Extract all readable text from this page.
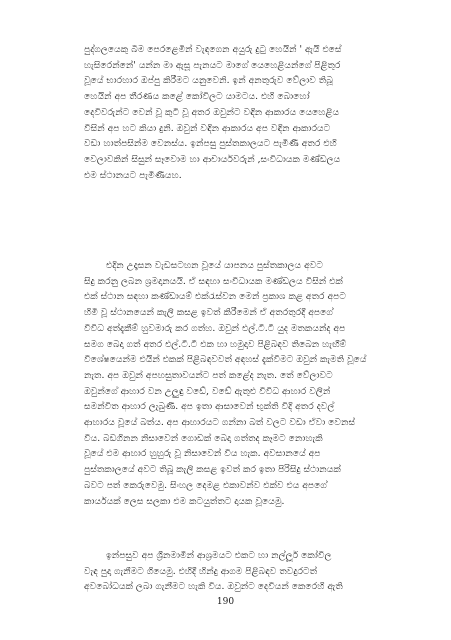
පුද්ගලයෙකු බිම පෙරළෙමින් වැඳගෙන අයුරු දුටු හෙයින් ' ඇයි එසේ
හැසිරෙන්නේ' යන්න මා ඇසූ පැනයට මාගේ යෙහෙළියන්ගේ පිළිතුර
වූයේ භාරහාර ඔප්පු කිරීමට යනුවෙනි. ඉන් අනතුරුව වේලාව තිබූ
හෙයින් අප තීරණය කළේ කෝවිලට යාමටය. එහි බොහෝ
දෙවිවරුන්ට වෙන් වූ කුටි වූ අතර ඔවුන්ට වඳින ආකාරය යෙහෙළිය
විසින් අප හට කියා දුනි. ඔවුන් වඳින ආකාරය අප වඳින ආකාරයට
වඩා හාත්පසින්ම වෙනස්ය. ඉන්පසු පුස්තකාලයට පැමිණි අතර එහි
වෙලාවකින් සිසුන් සෑවොම හා ආචාර්යවරුන් ,සංවිධායක මණ්ඩලය
එම ස්ථානයට පැමිණියහ.
එදින උදෑසන වැඩසටහන වූයේ යාපනය පුස්තකාලය අවට
සිදු කරනු ලබන ශ්‍රමදානයයි. ඒ සඳහා සංවිධායක මණ්ඩලය විසින් එක්
එක් ස්ථාන සඳහා කණ්ඩායම් එක්රැස්වන මෙන් ප්‍රකාශ කළ අතර අපට
හිමි වූ ස්ථානයෙන් කැලි කසළ ඉවත් කිරීමෙන් ඒ අතරතුරදී අපගේ
විවිධ අත්දැකීම් හුවමාරු කර ගත්හ. ඔවුන් එල්.ටී.ටී යුද මතකයන්ද අප
සමග බෙදා ගත් අතර එල්.ටී.ටී එක හා හමුදාව පිළිබඳව තිබෙන හැඟීම්
විශේෂයෙන්ම එයින් එකක් පිළිබඳවවත් අඳහස් දැක්වීමට ඔවුන් කැමති වූයේ
නැත. අප ඔවුන් අපහසුතාවයන්ට පත් කළේද නැත. තේ වේලාවට
ඔවුන්ගේ ආහාර වන උලුඳු වඩේ, වඩේ ඇතුළු විවිධ ආහාර වලින්
සමන්විත ආහාර ලැබුණි. අප ඉතා ආසාවෙන් භුක්ති විදි අතර දවල්
ආහාරය වූයේ බත්ය. අප ආහාරයට ගන්නා බත් වලට වඩා ඒවා වෙනස්
විය. බඩගිනන නිසාවෙන් ගොඩක් බෙදා ගත්තද කෑමට නොහැකි
වූයේ එම ආහාර හුහුරු වූ නිසාවෙන් විය හැක. අවසානයේ අප
පුස්තකාලයේ අවට තිබූ කැලි කසළ ඉවත් කර ඉතා පිරිසිදු ස්ථානයක්
බවට පත් කෙරුවෙමු. සිංහල දෙමළ එකාවන්ව එක්ව එය අපගේ
කාර්යයක් ලෙස සලකා එම කටයුත්තට දායක වූයෙමු.
ඉන්පසුව අප ශ්‍රීනමාමීන් ආශ්‍රමයට එකට හා නල්ලූර් කෝවිල
වැඳ පුදා ගැනීමට ගියෙමු. එහිදී හින්දු ආගම පිළිබඳව තවදුරටත්
අවබෝධයක් ලබා ගැනීමට හැකි විය. ඔවුන්ට දෙවියන් කෙරෙහි ඇති
190
